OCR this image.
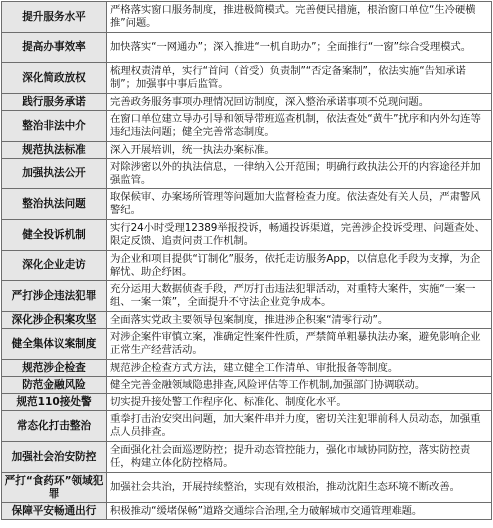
提升服务水平	严格落实窗口服务制度，推进极简模式。完善便民措施，根治窗口单位“生冷硬横推”问题。
提高办事效率	加快落实“一网通办”；深入推进“一机自助办”；全面推行“一窗”综合受理模式。
深化简政放权	梳理权责清单，实行“首问（首受）负责制”“否定备案制”，依法实施“告知承诺制”；加强事中事后监管。
践行服务承诺	完善政务服务事项办理情况回访制度，深入整治承诺事项不兑现问题。
整治非法中介	在窗口单位建立导办引导和领导带班巡查机制，依法查处“黄牛”扰序和内外勾连等违纪违法问题；健全完善常态制度。
规范执法标准	深入开展培训，统一执法办案标准。
加强执法公开	对除涉密以外的执法信息，一律纳入公开范围；明确行政执法公开的内容途径并加强监管。
整治执法问题	取保候审、办案场所管理等问题加大监督检查力度。依法查处有关人员，严肃警风警纪。
健全投诉机制	实行24小时受理12389举报投诉，畅通投诉渠道，完善涉企投诉受理、问题查处、限定反馈、追责问责工作机制。
深化企业走访	为企业和项目提供“订制化”服务，依托走访服务App，以信息化手段为支撑，为企解忧、助企纾困。
严打涉企违法犯罪	充分运用大数据侦查手段，严厉打击违法犯罪活动，对重特大案件，实施“一案一组、一案一策”，全面提升不守法企业竞争成本。
深化涉企积案攻坚	全面落实党政主要领导包案制度，推进涉企积案“清零行动”。
健全集体议案制度	对涉企案件审慎立案，准确定性案件性质，严禁简单粗暴执法办案，避免影响企业正常生产经营活动。
规范涉企检查	规范涉企检查方式方法，建立健全工作清单、审批报备等制度。
防范金融风险	健全完善金融领域隐患排查,风险评估等工作机制,加强部门协调联动。
规范110接处警	切实提升接处警工作程序化、标准化、制度化水平。
常态化打击整治	重拳打击治安突出问题，加大案件串并力度，密切关注犯罪前科人员动态，加强重点人员排查。
加强社会治安防控	全面强化社会面巡逻防控；提升动态管控能力，强化市域协同防控，落实防控责任，构建立体化防控格局。
严打“食药环”领域犯罪	加强社会共治，开展持续整治，实现有效根治，推动沈阳生态环境不断改善。
保障平安畅通出行	积极推动“缓堵保畅”道路交通综合治理,全力破解城市交通管理难题。
